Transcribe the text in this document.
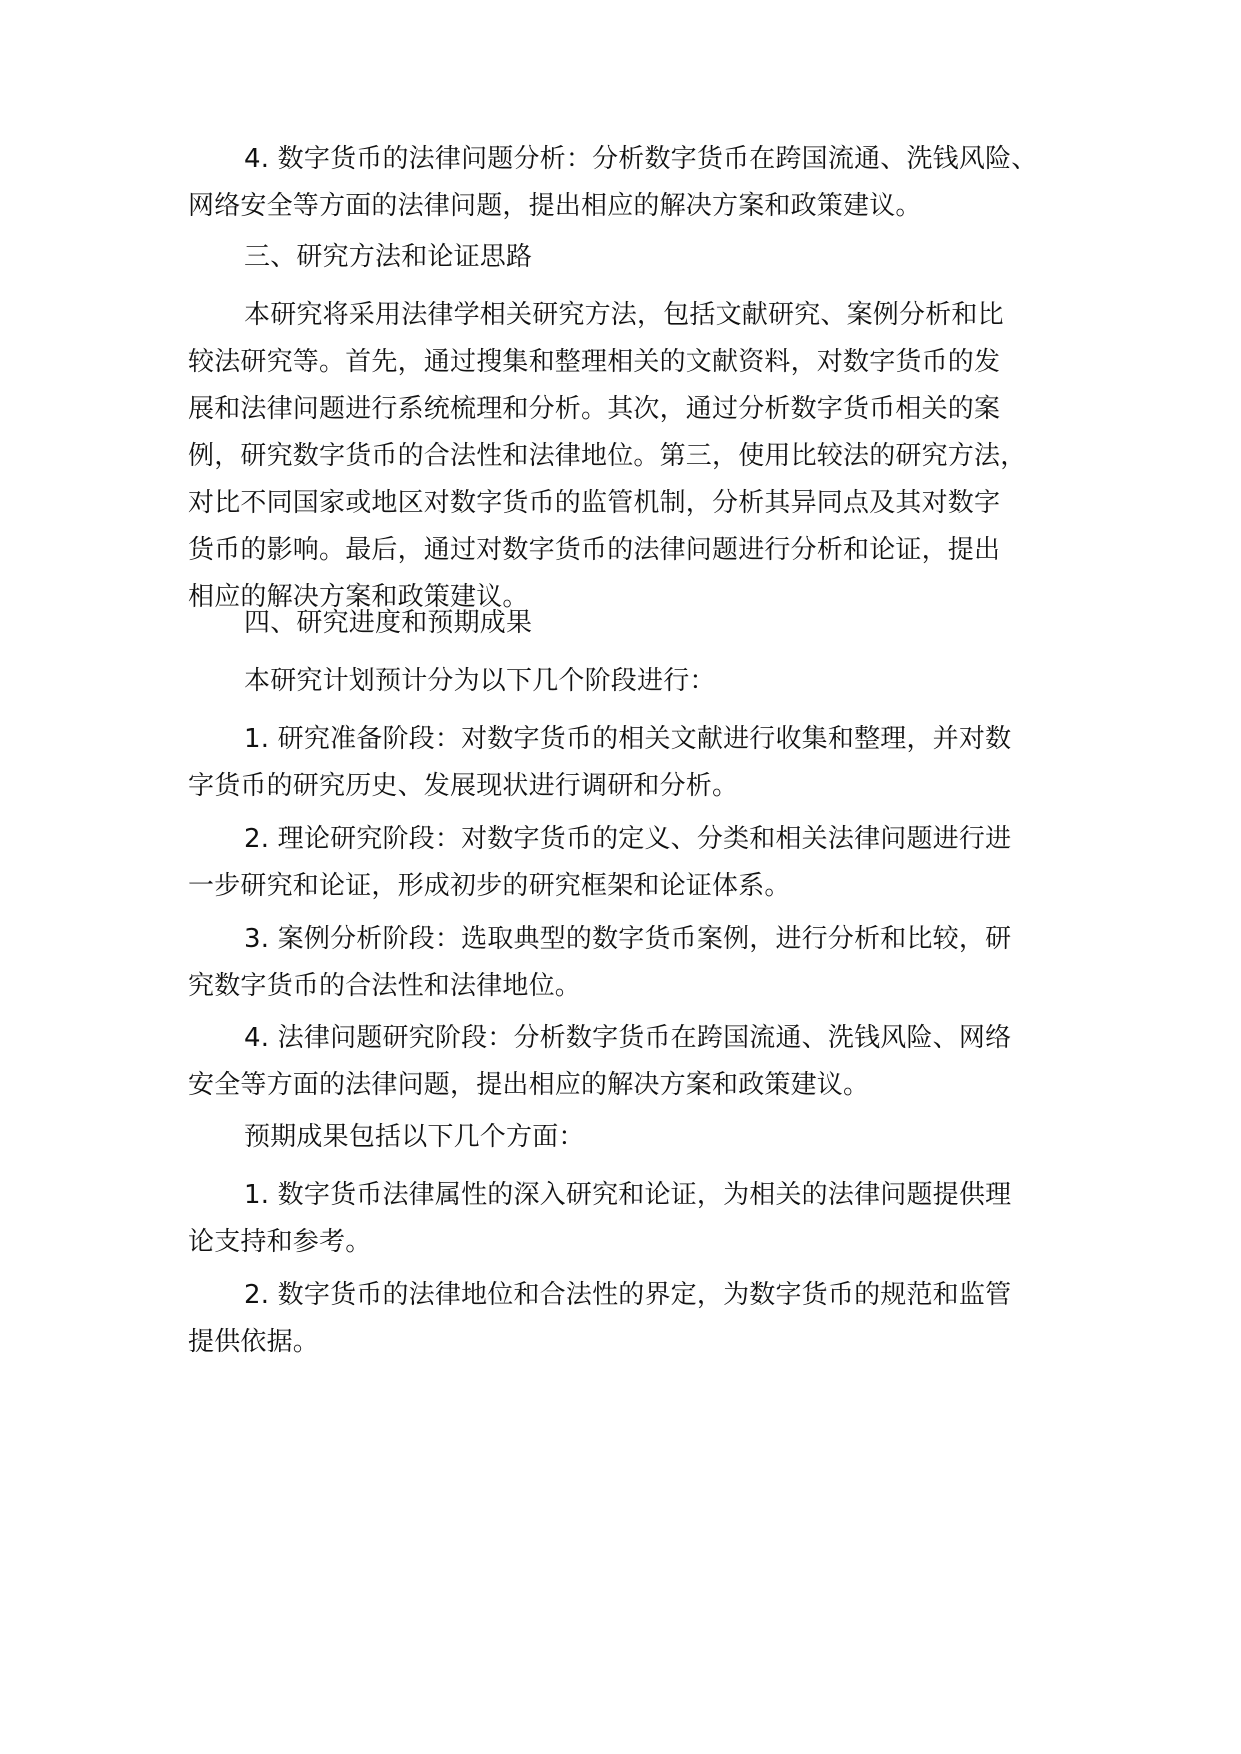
4. 数字货币的法律问题分析：分析数字货币在跨国流通、洗钱风险、
网络安全等方面的法律问题，提出相应的解决方案和政策建议。

三、研究方法和论证思路

本研究将采用法律学相关研究方法，包括文献研究、案例分析和比
较法研究等。首先，通过搜集和整理相关的文献资料，对数字货币的发
展和法律问题进行系统梳理和分析。其次，通过分析数字货币相关的案
例，研究数字货币的合法性和法律地位。第三，使用比较法的研究方法，
对比不同国家或地区对数字货币的监管机制，分析其异同点及其对数字
货币的影响。最后，通过对数字货币的法律问题进行分析和论证，提出
相应的解决方案和政策建议。

四、研究进度和预期成果

本研究计划预计分为以下几个阶段进行：

1. 研究准备阶段：对数字货币的相关文献进行收集和整理，并对数
字货币的研究历史、发展现状进行调研和分析。

2. 理论研究阶段：对数字货币的定义、分类和相关法律问题进行进
一步研究和论证，形成初步的研究框架和论证体系。

3. 案例分析阶段：选取典型的数字货币案例，进行分析和比较，研
究数字货币的合法性和法律地位。

4. 法律问题研究阶段：分析数字货币在跨国流通、洗钱风险、网络
安全等方面的法律问题，提出相应的解决方案和政策建议。

预期成果包括以下几个方面：

1. 数字货币法律属性的深入研究和论证，为相关的法律问题提供理
论支持和参考。

2. 数字货币的法律地位和合法性的界定，为数字货币的规范和监管
提供依据。
